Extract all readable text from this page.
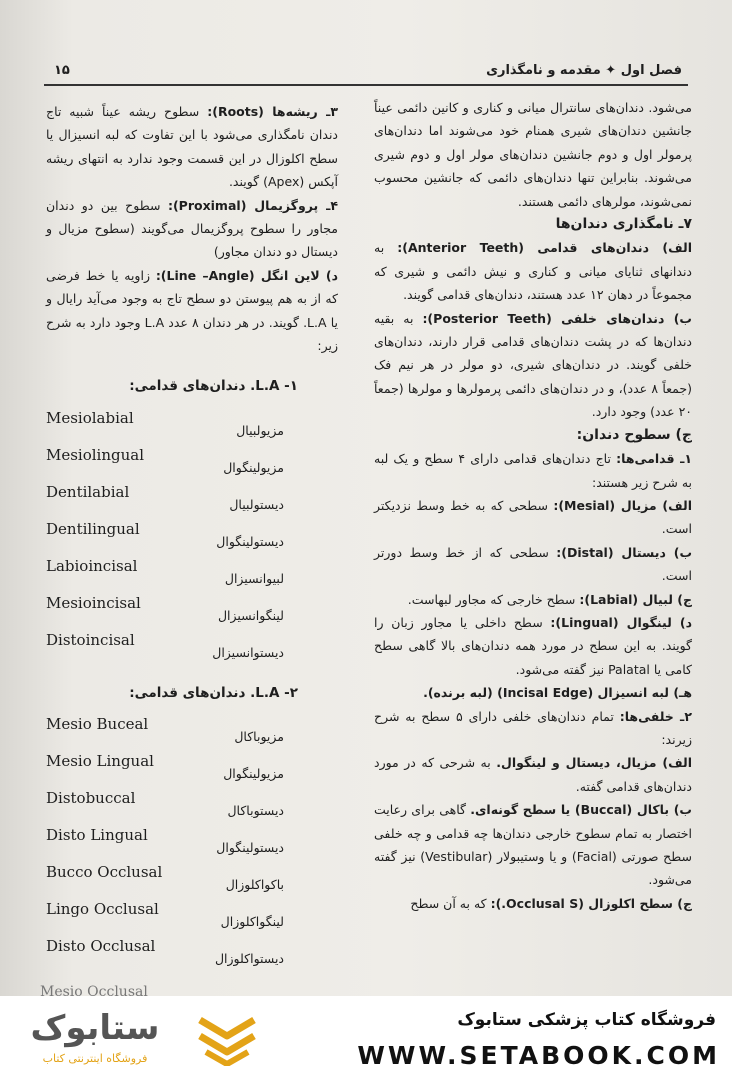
فصل اول ✦ مقدمه و نامگذاری
۱۵

می‌شود. دندان‌های سانترال میانی و کناری و کانین دائمی عیناً جانشین دندان‌های شیری همنام خود می‌شوند اما دندان‌های پرمولر اول و دوم جانشین دندان‌های مولر اول و دوم شیری می‌شوند. بنابراین تنها دندان‌های دائمی که جانشین محسوب نمی‌شوند، مولرهای دائمی هستند.

۷ـ نامگذاری دندان‌ها

الف) دندان‌های قدامی (Anterior Teeth): به دندانهای ثنایای میانی و کناری و نیش دائمی و شیری که مجموعاً در دهان ۱۲ عدد هستند، دندان‌های قدامی گویند.

ب) دندان‌های خلفی (Posterior Teeth): به بقیه دندان‌ها که در پشت دندان‌های قدامی قرار دارند، دندان‌های خلفی گویند. در دندان‌های شیری، دو مولر در هر نیم فک (جمعاً ۸ عدد)، و در دندان‌های دائمی پرمولرها و مولرها (جمعاً ۲۰ عدد) وجود دارد.

ج) سطوح دندان:

۱ـ قدامی‌ها: تاج دندان‌های قدامی دارای ۴ سطح و یک لبه به شرح زیر هستند:

الف) مزیال (Mesial): سطحی که به خط وسط نزدیکتر است.

ب) دیستال (Distal): سطحی که از خط وسط دورتر است.

ج) لبیال (Labial): سطح خارجی که مجاور لبهاست.

د) لینگوال (Lingual): سطح داخلی یا مجاور زبان را گویند. به این سطح در مورد همه دندان‌های بالا گاهی سطح کامی یا Palatal نیز گفته می‌شود.

هـ) لبه انسیزال (Incisal Edge) (لبه برنده).

۲ـ خلفی‌ها: تمام دندان‌های خلفی دارای ۵ سطح به شرح زیرند:

الف) مزیال، دیستال و لینگوال. به شرحی که در مورد دندان‌های قدامی گفته.

ب) باکال (Buccal) یا سطح گونه‌ای. گاهی برای رعایت اختصار به تمام سطوح خارجی دندان‌ها چه قدامی و چه خلفی سطح صورتی (Facial) و یا وستیبولار (Vestibular) نیز گفته می‌شود.

ج) سطح اکلوزال (Occlusal S.): که به آن سطح

۳ـ ریشه‌ها (Roots): سطوح ریشه عیناً شبیه تاج دندان نامگذاری می‌شود با این تفاوت که لبه انسیزال یا سطح اکلوزال در این قسمت وجود ندارد به انتهای ریشه آپکس (Apex) گویند.

۴ـ پروگزیمال (Proximal): سطوح بین دو دندان مجاور را سطوح پروگزیمال می‌گویند (سطوح مزیال و دیستال دو دندان مجاور)

د) لاین انگل (Line –Angle): زاویه یا خط فرضی که از به هم پیوستن دو سطح تاج به وجود می‌آید رایال و یا L.A. گویند. در هر دندان ۸ عدد L.A وجود دارد به شرح زیر:

۱- L.A. دندان‌های قدامی:

Mesiolabial
مزیولبیال
Mesiolingual
مزیولینگوال
Dentilabial
دیستولبیال
Dentilingual
دیستولینگوال
Labioincisal
لبیوانسیزال
Mesioincisal
لینگوانسیزال
Distoincisal
دیستوانسیزال

۲- L.A. دندان‌های قدامی:

Mesio Buceal
مزیوباکال
Mesio Lingual
مزیولینگوال
Distobuccal
دیستوباکال
Disto Lingual
دیستولینگوال
Bucco Occlusal
باکواکلوزال
Lingo Occlusal
لینگواکلوزال
Disto Occlusal
دیستواکلوزال
Mesio Occlusal
فروشگاه کتاب پزشکی ستابوک
WWW.SETABOOK.COM
ستابوک
فروشگاه اینترنتی کتاب
